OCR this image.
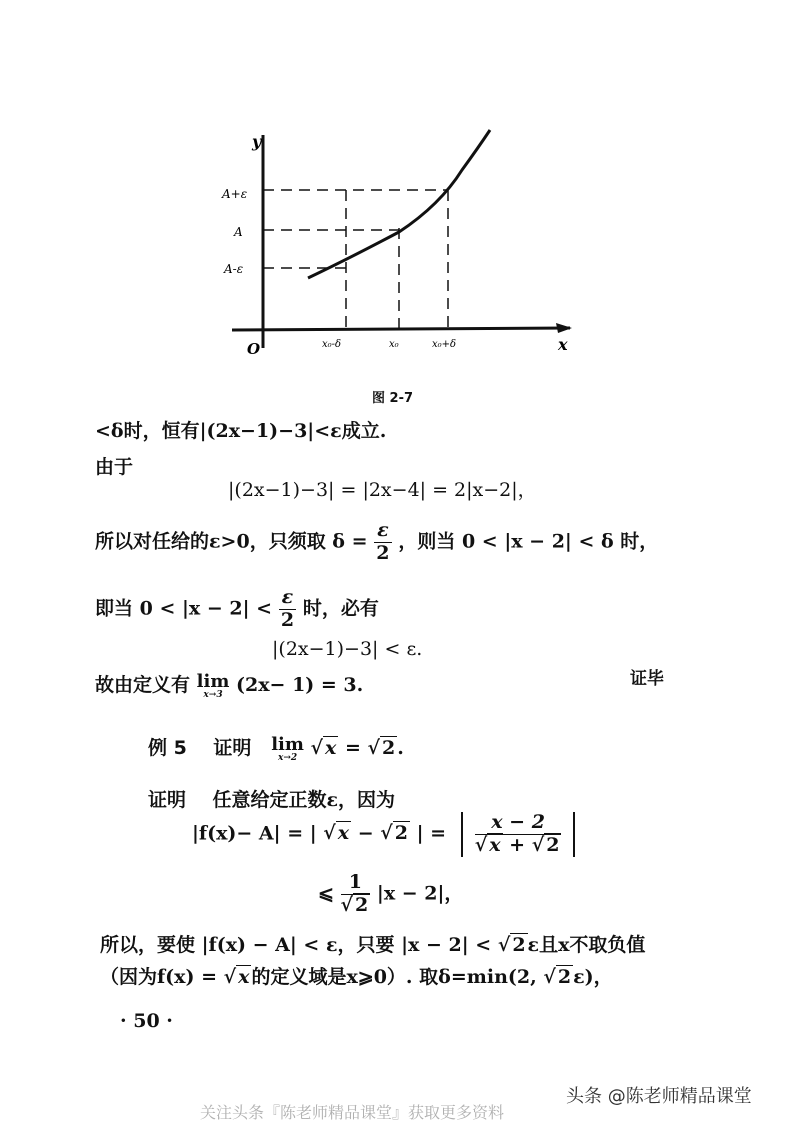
y
O	x
A+ε
A
A-ε
x₀-δ	x₀	x₀+δ
图 2-7
<δ时，恒有|(2x−1)−3|<ε成立.
由于
|(2x−1)−3| = |2x−4| = 2|x−2|，
所以对任给的ε>0，只须取 $\delta = \frac{\varepsilon}{2}$ ，则当 0 < |x − 2| < δ 时，
即当 $0 < |x - 2| < \frac{\varepsilon}{2}$ 时，必有
|(2x−1)−3| < ε.
故由定义有 lim
x→3 (2x− 1) = 3.	证毕
例 5 证明 lim
x→2 √ x = √ 2 .
证明 任意给定正数ε，因为
|f(x)− A| = | √ x − √ 2 | = $\frac{x - 2}{√ x + √ 2}$
⩽ $\frac{1}{√ 2} |x - 2|$，
所以，要使 |f(x) − A| < ε，只要 |x − 2| < √ 2 ε且x不取负值
（因为f(x) = √ x 的定义域是x⩾0）. 取δ=min(2, √ 2 ε)，
· 50 ·
头条 @陈老师精品课堂
关注头条『陈老师精品课堂』获取更多资料
